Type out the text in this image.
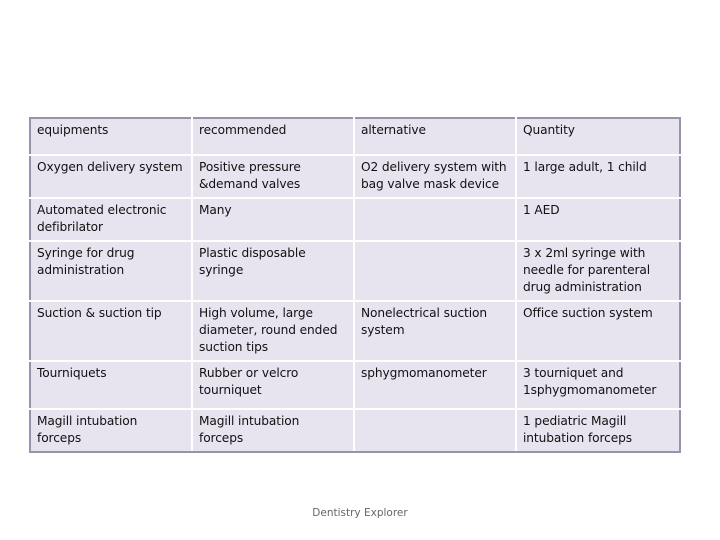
equipments	recommended	alternative	Quantity
Oxygen delivery system	Positive pressure &demand valves	O2 delivery system with bag valve mask device	1 large adult, 1 child
Automated electronic defibrilator	Many		1 AED
Syringe for drug administration	Plastic disposable syringe		3 x 2ml syringe with needle for parenteral drug administration
Suction & suction tip	High volume, large diameter, round ended suction tips	Nonelectrical suction system	Office suction system
Tourniquets	Rubber or velcro tourniquet	sphygmomanometer	3 tourniquet and 1sphygmomanometer
Magill intubation forceps	Magill intubation forceps		1 pediatric Magill intubation forceps
Dentistry Explorer
